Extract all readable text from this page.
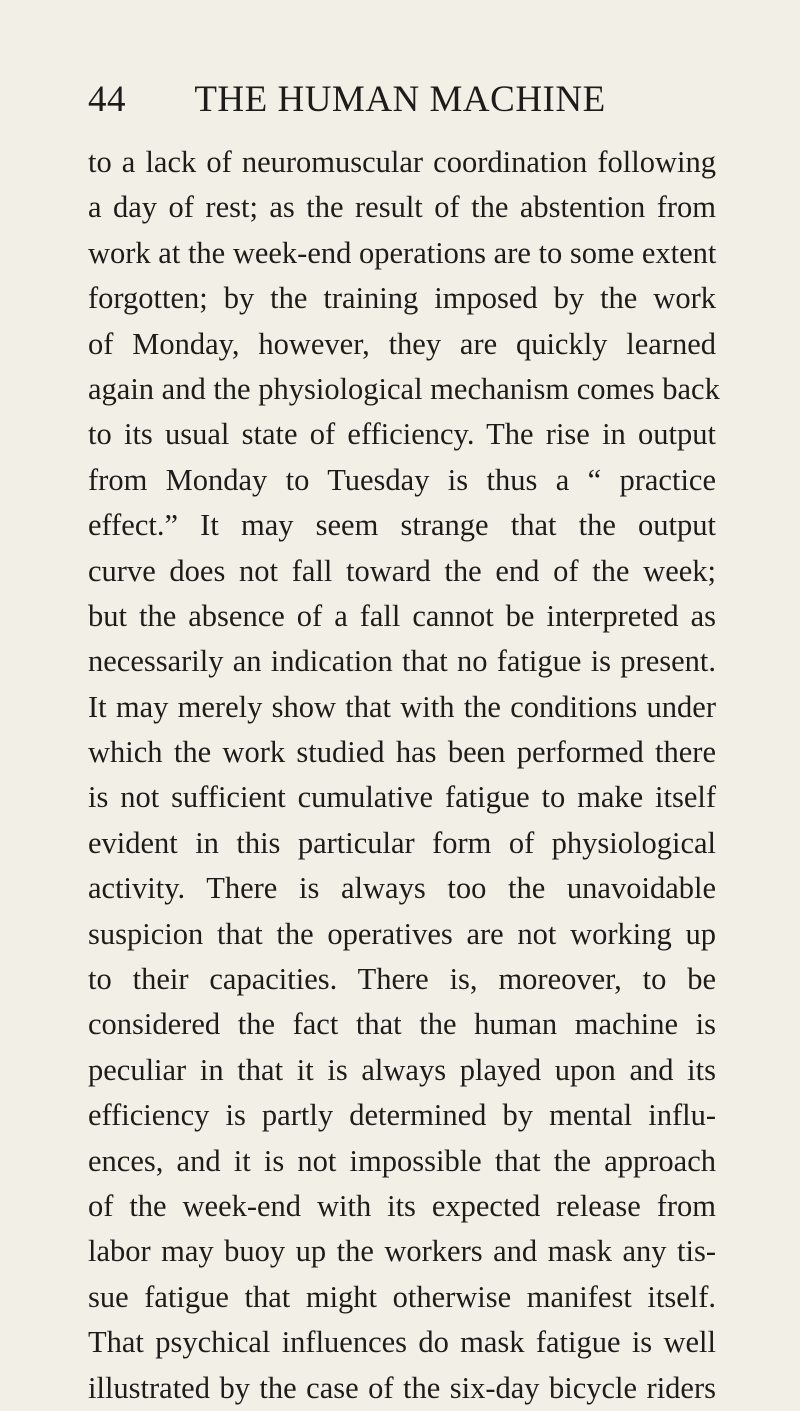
44	THE HUMAN MACHINE
to a lack of neuromuscular coordination following
a day of rest; as the result of the abstention from
work at the week-end operations are to some extent
forgotten; by the training imposed by the work
of Monday, however, they are quickly learned
again and the physiological mechanism comes back
to its usual state of efficiency. The rise in output
from Monday to Tuesday is thus a “ practice
effect.” It may seem strange that the output
curve does not fall toward the end of the week;
but the absence of a fall cannot be interpreted as
necessarily an indication that no fatigue is present.
It may merely show that with the conditions under
which the work studied has been performed there
is not sufficient cumulative fatigue to make itself
evident in this particular form of physiological
activity. There is always too the unavoidable
suspicion that the operatives are not working up
to their capacities. There is, moreover, to be
considered the fact that the human machine is
peculiar in that it is always played upon and its
efficiency is partly determined by mental influ-
ences, and it is not impossible that the approach
of the week-end with its expected release from
labor may buoy up the workers and mask any tis-
sue fatigue that might otherwise manifest itself.
That psychical influences do mask fatigue is well
illustrated by the case of the six-day bicycle riders
